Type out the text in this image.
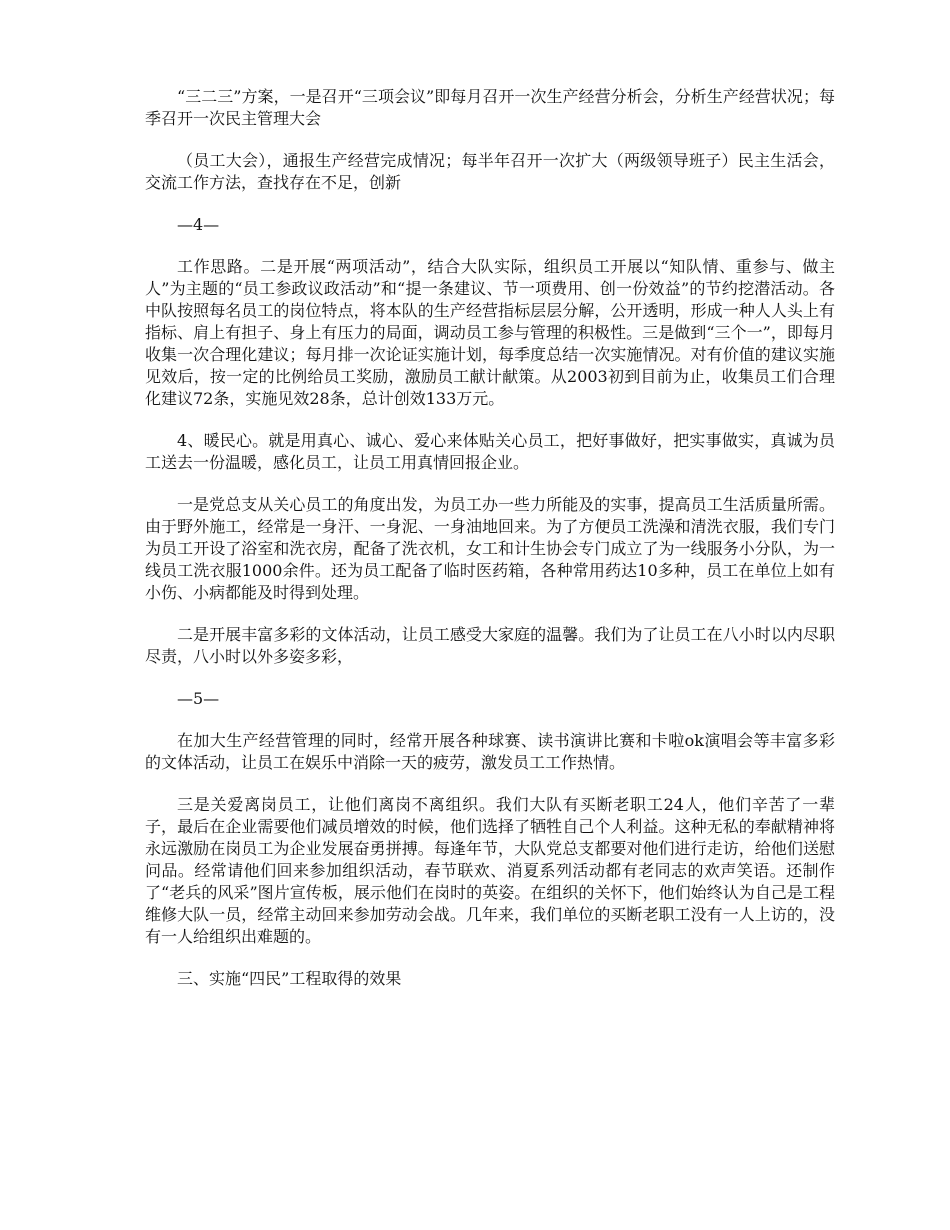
“三二三”方案，一是召开“三项会议”即每月召开一次生产经营分析会，分析生产经营状况；每季召开一次民主管理大会

（员工大会），通报生产经营完成情况；每半年召开一次扩大（两级领导班子）民主生活会，交流工作方法，查找存在不足，创新

—4—

工作思路。二是开展“两项活动”，结合大队实际，组织员工开展以“知队情、重参与、做主人”为主题的“员工参政议政活动”和“提一条建议、节一项费用、创一份效益”的节约挖潜活动。各中队按照每名员工的岗位特点，将本队的生产经营指标层层分解，公开透明，形成一种人人头上有指标、肩上有担子、身上有压力的局面，调动员工参与管理的积极性。三是做到“三个一”，即每月收集一次合理化建议；每月排一次论证实施计划，每季度总结一次实施情况。对有价值的建议实施见效后，按一定的比例给员工奖励，激励员工献计献策。从2003初到目前为止，收集员工们合理化建议72条，实施见效28条，总计创效133万元。

4、暖民心。就是用真心、诚心、爱心来体贴关心员工，把好事做好，把实事做实，真诚为员工送去一份温暖，感化员工，让员工用真情回报企业。

一是党总支从关心员工的角度出发，为员工办一些力所能及的实事，提高员工生活质量所需。由于野外施工，经常是一身汗、一身泥、一身油地回来。为了方便员工洗澡和清洗衣服，我们专门为员工开设了浴室和洗衣房，配备了洗衣机，女工和计生协会专门成立了为一线服务小分队，为一线员工洗衣服1000余件。还为员工配备了临时医药箱，各种常用药达10多种，员工在单位上如有小伤、小病都能及时得到处理。

二是开展丰富多彩的文体活动，让员工感受大家庭的温馨。我们为了让员工在八小时以内尽职尽责，八小时以外多姿多彩，

—5—

在加大生产经营管理的同时，经常开展各种球赛、读书演讲比赛和卡啦ok演唱会等丰富多彩的文体活动，让员工在娱乐中消除一天的疲劳，激发员工工作热情。

三是关爱离岗员工，让他们离岗不离组织。我们大队有买断老职工24人，他们辛苦了一辈子，最后在企业需要他们减员增效的时候，他们选择了牺牲自己个人利益。这种无私的奉献精神将永远激励在岗员工为企业发展奋勇拼搏。每逢年节，大队党总支都要对他们进行走访，给他们送慰问品。经常请他们回来参加组织活动，春节联欢、消夏系列活动都有老同志的欢声笑语。还制作了“老兵的风采”图片宣传板，展示他们在岗时的英姿。在组织的关怀下，他们始终认为自己是工程维修大队一员，经常主动回来参加劳动会战。几年来，我们单位的买断老职工没有一人上访的，没有一人给组织出难题的。

三、实施“四民”工程取得的效果
